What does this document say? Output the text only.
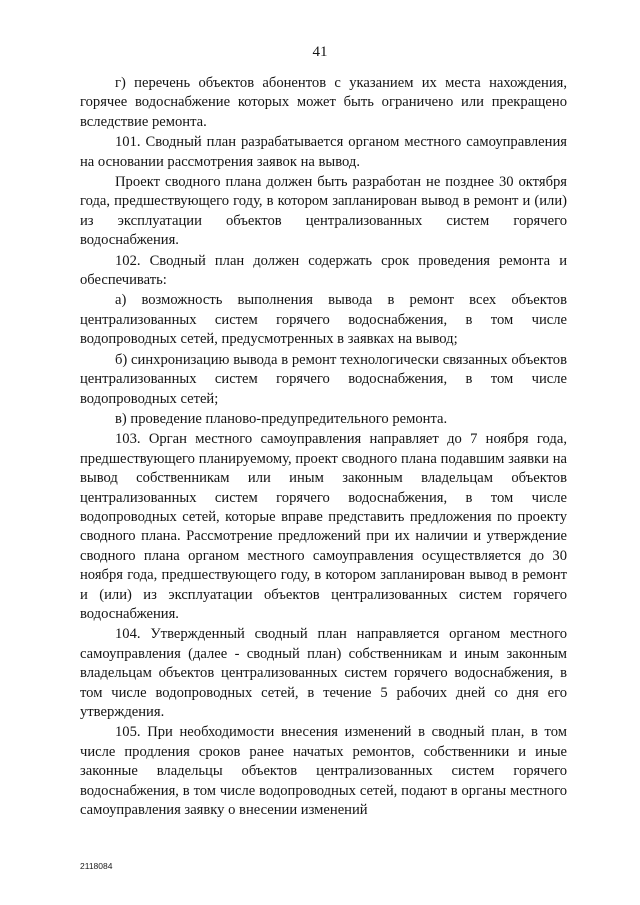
41

г) перечень объектов абонентов с указанием их места нахождения, горячее водоснабжение которых может быть ограничено или прекращено вследствие ремонта.

101. Сводный план разрабатывается органом местного самоуправления на основании рассмотрения заявок на вывод.

Проект сводного плана должен быть разработан не позднее 30 октября года, предшествующего году, в котором запланирован вывод в ремонт и (или) из эксплуатации объектов централизованных систем горячего водоснабжения.

102. Сводный план должен содержать срок проведения ремонта и обеспечивать:

а) возможность выполнения вывода в ремонт всех объектов централизованных систем горячего водоснабжения, в том числе водопроводных сетей, предусмотренных в заявках на вывод;

б) синхронизацию вывода в ремонт технологически связанных объектов централизованных систем горячего водоснабжения, в том числе водопроводных сетей;

в) проведение планово-предупредительного ремонта.

103. Орган местного самоуправления направляет до 7 ноября года, предшествующего планируемому, проект сводного плана подавшим заявки на вывод собственникам или иным законным владельцам объектов централизованных систем горячего водоснабжения, в том числе водопроводных сетей, которые вправе представить предложения по проекту сводного плана. Рассмотрение предложений при их наличии и утверждение сводного плана органом местного самоуправления осуществляется до 30 ноября года, предшествующего году, в котором запланирован вывод в ремонт и (или) из эксплуатации объектов централизованных систем горячего водоснабжения.

104. Утвержденный сводный план направляется органом местного самоуправления (далее - сводный план) собственникам и иным законным владельцам объектов централизованных систем горячего водоснабжения, в том числе водопроводных сетей, в течение 5 рабочих дней со дня его утверждения.

105. При необходимости внесения изменений в сводный план, в том числе продления сроков ранее начатых ремонтов, собственники и иные законные владельцы объектов централизованных систем горячего водоснабжения, в том числе водопроводных сетей, подают в органы местного самоуправления заявку о внесении изменений

2118084
